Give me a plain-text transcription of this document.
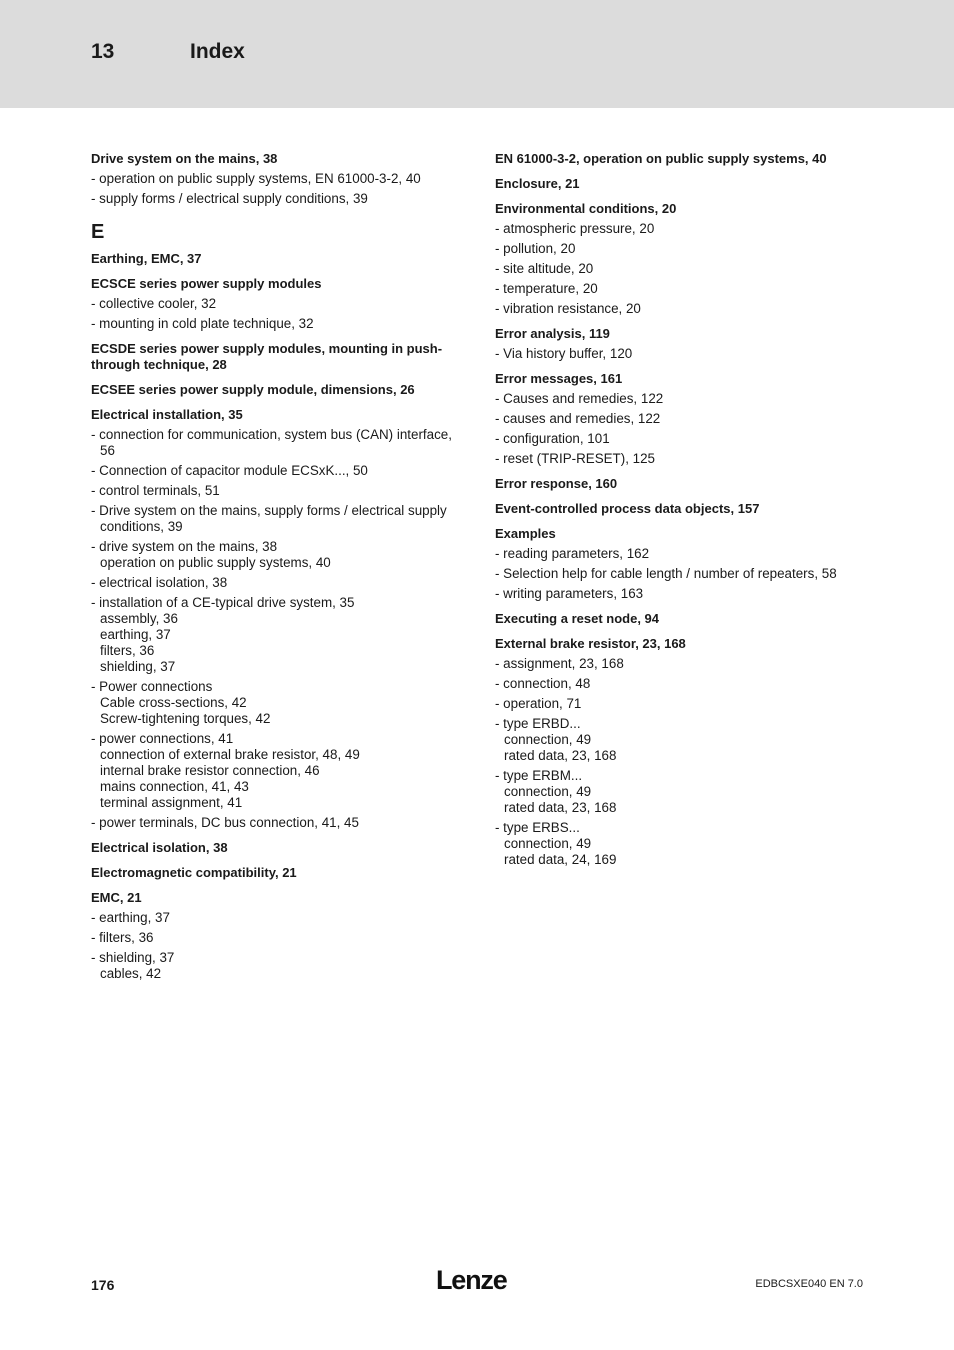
13	Index
Drive system on the mains, 38
- operation on public supply systems, EN 61000-3-2, 40
- supply forms / electrical supply conditions, 39
E
Earthing, EMC, 37
ECSCE series power supply modules
- collective cooler, 32
- mounting in cold plate technique, 32
ECSDE series power supply modules, mounting in push-through technique, 28
ECSEE series power supply module, dimensions, 26
Electrical installation, 35
- connection for communication, system bus (CAN) interface, 56
- Connection of capacitor module ECSxK..., 50
- control terminals, 51
- Drive system on the mains, supply forms / electrical supply conditions, 39
- drive system on the mains, 38
operation on public supply systems, 40
- electrical isolation, 38
- installation of a CE-typical drive system, 35
assembly, 36
earthing, 37
filters, 36
shielding, 37
- Power connections
Cable cross-sections, 42
Screw-tightening torques, 42
- power connections, 41
connection of external brake resistor, 48, 49
internal brake resistor connection, 46
mains connection, 41, 43
terminal assignment, 41
- power terminals, DC bus connection, 41, 45
Electrical isolation, 38
Electromagnetic compatibility, 21
EMC, 21
- earthing, 37
- filters, 36
- shielding, 37
cables, 42
EN 61000-3-2, operation on public supply systems, 40
Enclosure, 21
Environmental conditions, 20
- atmospheric pressure, 20
- pollution, 20
- site altitude, 20
- temperature, 20
- vibration resistance, 20
Error analysis, 119
- Via history buffer, 120
Error messages, 161
- Causes and remedies, 122
- causes and remedies, 122
- configuration, 101
- reset (TRIP-RESET), 125
Error response, 160
Event-controlled process data objects, 157
Examples
- reading parameters, 162
- Selection help for cable length / number of repeaters, 58
- writing parameters, 163
Executing a reset node, 94
External brake resistor, 23, 168
- assignment, 23, 168
- connection, 48
- operation, 71
- type ERBD...
connection, 49
rated data, 23, 168
- type ERBM...
connection, 49
rated data, 23, 168
- type ERBS...
connection, 49
rated data, 24, 169
176	Lenze	EDBCSXE040 EN 7.0
